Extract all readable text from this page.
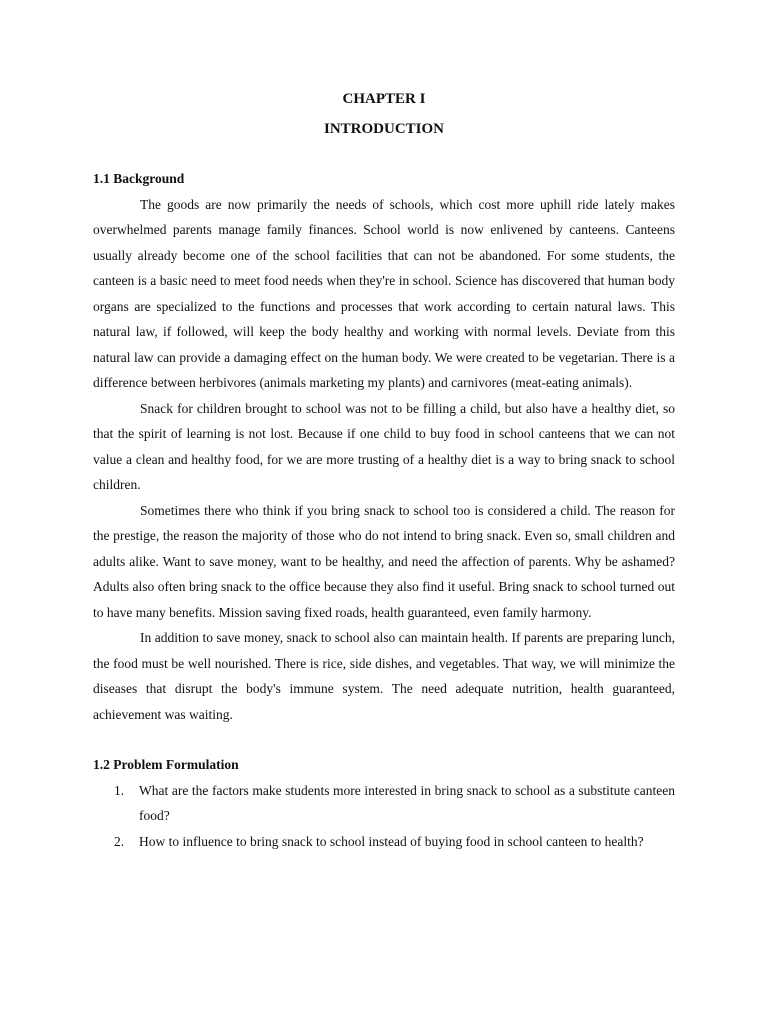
CHAPTER I
INTRODUCTION
1.1 Background

The goods are now primarily the needs of schools, which cost more uphill ride lately makes overwhelmed parents manage family finances. School world is now enlivened by canteens. Canteens usually already become one of the school facilities that can not be abandoned. For some students, the canteen is a basic need to meet food needs when they're in school. Science has discovered that human body organs are specialized to the functions and processes that work according to certain natural laws. This natural law, if followed, will keep the body healthy and working with normal levels. Deviate from this natural law can provide a damaging effect on the human body. We were created to be vegetarian. There is a difference between herbivores (animals marketing my plants) and carnivores (meat-eating animals).

Snack for children brought to school was not to be filling a child, but also have a healthy diet, so that the spirit of learning is not lost. Because if one child to buy food in school canteens that we can not value a clean and healthy food, for we are more trusting of a healthy diet is a way to bring snack to school children.

Sometimes there who think if you bring snack to school too is considered a child. The reason for the prestige, the reason the majority of those who do not intend to bring snack. Even so, small children and adults alike. Want to save money, want to be healthy, and need the affection of parents. Why be ashamed? Adults also often bring snack to the office because they also find it useful. Bring snack to school turned out to have many benefits. Mission saving fixed roads, health guaranteed, even family harmony.

In addition to save money, snack to school also can maintain health. If parents are preparing lunch, the food must be well nourished. There is rice, side dishes, and vegetables. That way, we will minimize the diseases that disrupt the body's immune system. The need adequate nutrition, health guaranteed, achievement was waiting.

1.2 Problem Formulation
1. What are the factors make students more interested in bring snack to school as a substitute canteen food?
2. How to influence to bring snack to school instead of buying food in school canteen to health?
